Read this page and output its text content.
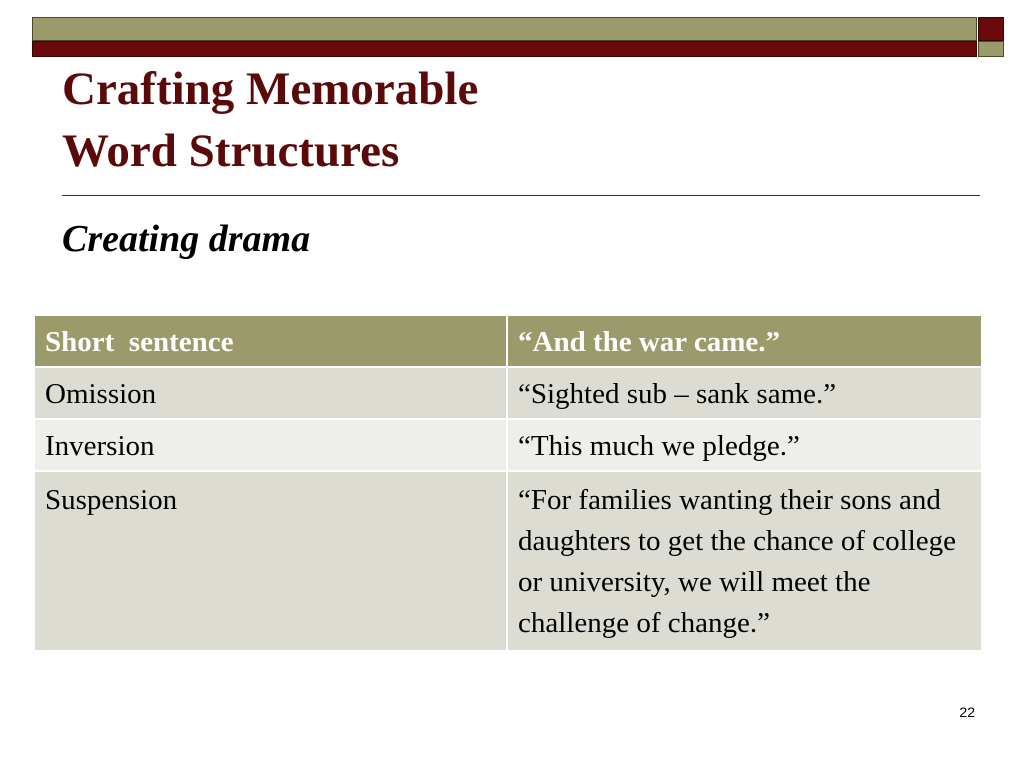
Crafting Memorable
Word Structures
Creating drama
Short  sentence	“And the war came.”
Omission	“Sighted sub – sank same.”
Inversion	“This much we pledge.”
Suspension	“For families wanting their sons and daughters to get the chance of college or university, we will meet the challenge of change.”
22
